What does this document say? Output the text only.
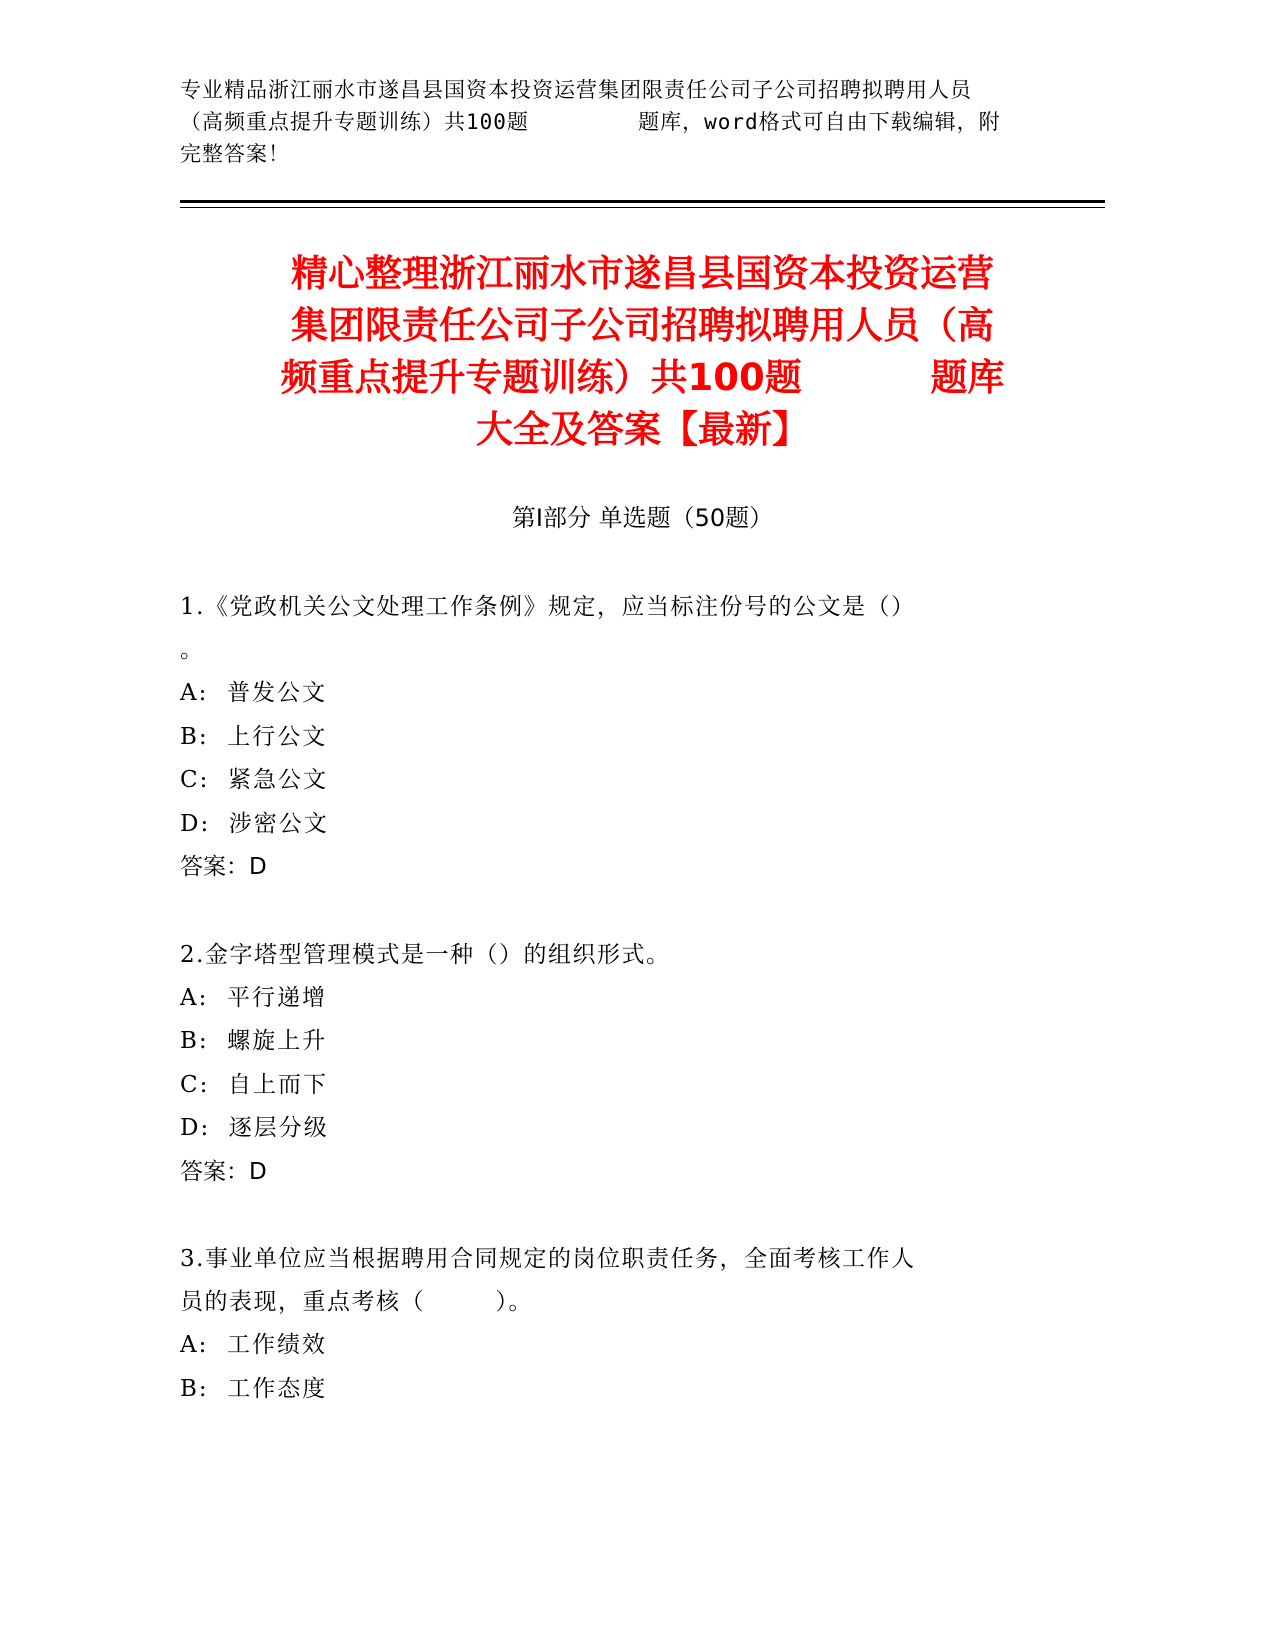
专业精品浙江丽水市遂昌县国资本投资运营集团限责任公司子公司招聘拟聘用人员
（高频重点提升专题训练）共100题        题库，word格式可自由下载编辑，附
完整答案！
精心整理浙江丽水市遂昌县国资本投资运营
集团限责任公司子公司招聘拟聘用人员（高
频重点提升专题训练）共100题          题库
大全及答案【最新】
第Ⅰ部分 单选题（50题）
1.《党政机关公文处理工作条例》规定，应当标注份号的公文是（）
。
A:  普发公文
B:  上行公文
C:  紧急公文
D:  涉密公文
答案：D
2.金字塔型管理模式是一种（）的组织形式。
A:  平行递增
B:  螺旋上升
C:  自上而下
D:  逐层分级
答案：D
3.事业单位应当根据聘用合同规定的岗位职责任务，全面考核工作人
员的表现，重点考核（        ）。
A:  工作绩效
B:  工作态度
